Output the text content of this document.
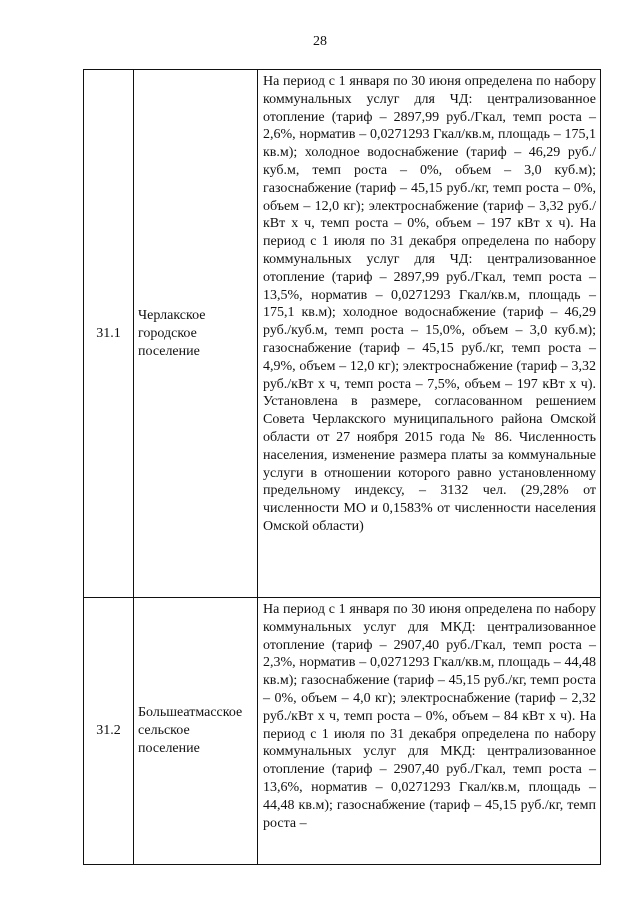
28
31.1	Черлакское городское поселение	На период с 1 января по 30 июня определена по набору коммунальных услуг для ЧД: централизованное отопление (тариф – 2897,99 руб./Гкал, темп роста – 2,6%, норматив – 0,0271293 Гкал/кв.м, площадь – 175,1 кв.м); холодное водоснабжение (тариф – 46,29 руб./куб.м, темп роста – 0%, объем – 3,0 куб.м); газоснабжение (тариф – 45,15 руб./кг, темп роста – 0%, объем – 12,0 кг); электроснабжение (тариф – 3,32 руб./кВт х ч, темп роста – 0%, объем – 197 кВт х ч). На период с 1 июля по 31 декабря определена по набору коммунальных услуг для ЧД: централизованное отопление (тариф – 2897,99 руб./Гкал, темп роста – 13,5%, норматив – 0,0271293 Гкал/кв.м, площадь – 175,1 кв.м); холодное водоснабжение (тариф – 46,29 руб./куб.м, темп роста – 15,0%, объем – 3,0 куб.м); газоснабжение (тариф – 45,15 руб./кг, темп роста – 4,9%, объем – 12,0 кг); электроснабжение (тариф – 3,32 руб./кВт х ч, темп роста – 7,5%, объем – 197 кВт х ч). Установлена в размере, согласованном решением Совета Черлакского муниципального района Омской области от 27 ноября 2015 года № 86. Численность населения, изменение размера платы за коммунальные услуги в отношении которого равно установленному предельному индексу, – 3132 чел. (29,28% от численности МО и 0,1583% от численности населения Омской области)

31.2	Большеатмасское сельское поселение	На период с 1 января по 30 июня определена по набору коммунальных услуг для МКД: централизованное отопление (тариф – 2907,40 руб./Гкал, темп роста – 2,3%, норматив – 0,0271293 Гкал/кв.м, площадь – 44,48 кв.м); газоснабжение (тариф – 45,15 руб./кг, темп роста – 0%, объем – 4,0 кг); электроснабжение (тариф – 2,32 руб./кВт х ч, темп роста – 0%, объем – 84 кВт х ч). На период с 1 июля по 31 декабря определена по набору коммунальных услуг для МКД: централизованное отопление (тариф – 2907,40 руб./Гкал, темп роста – 13,6%, норматив – 0,0271293 Гкал/кв.м, площадь – 44,48 кв.м); газоснабжение (тариф – 45,15 руб./кг, темп роста –
